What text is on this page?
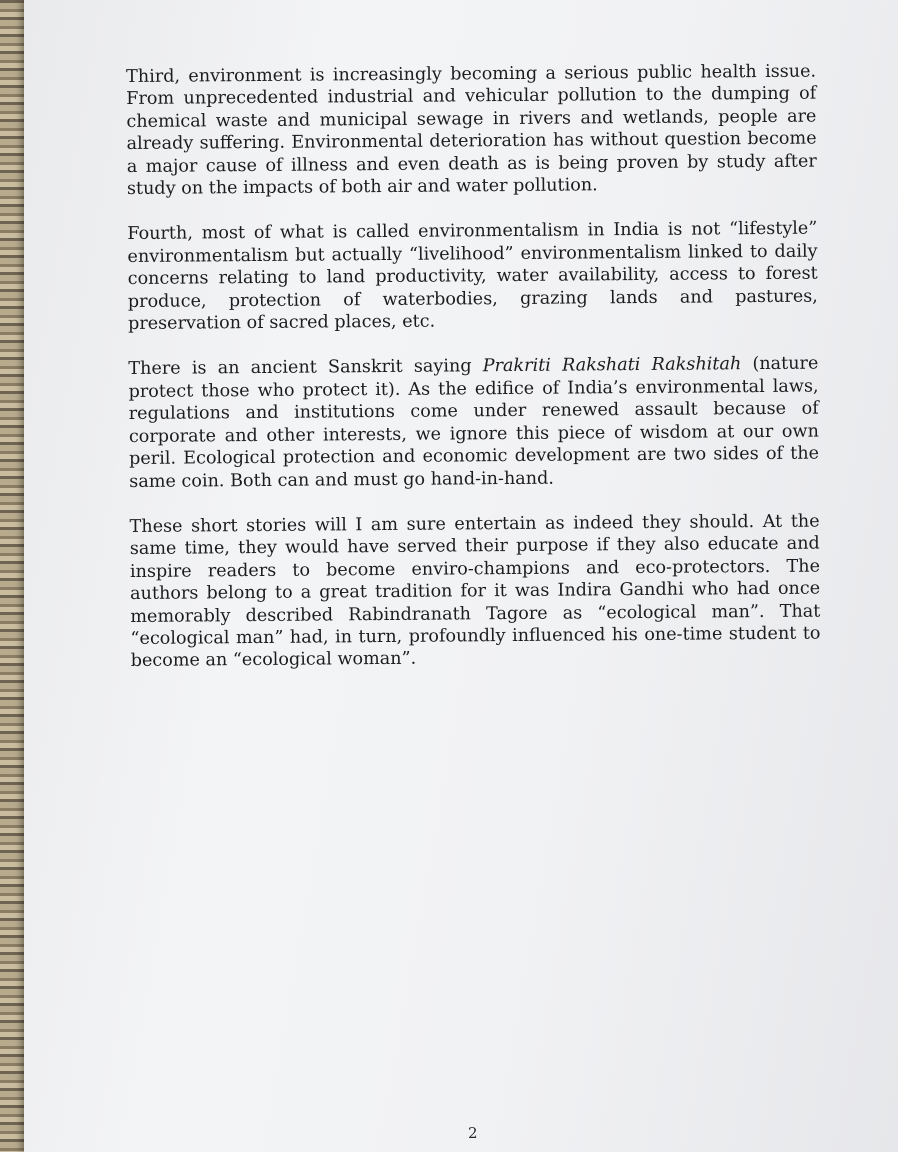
Third, environment is increasingly becoming a serious public health issue. From unprecedented industrial and vehicular pollution to the dumping of chemical waste and municipal sewage in rivers and wetlands, people are already suffering. Environmental deterioration has without question become a major cause of illness and even death as is being proven by study after study on the impacts of both air and water pollution.

Fourth, most of what is called environmentalism in India is not “lifestyle” environmentalism but actually “livelihood” environmentalism linked to daily concerns relating to land productivity, water availability, access to forest produce, protection of waterbodies, grazing lands and pastures, preservation of sacred places, etc.

There is an ancient Sanskrit saying Prakriti Rakshati Rakshitah (nature protect those who protect it). As the edifice of India’s environmental laws, regulations and institutions come under renewed assault because of corporate and other interests, we ignore this piece of wisdom at our own peril. Ecological protection and economic development are two sides of the same coin. Both can and must go hand-in-hand.

These short stories will I am sure entertain as indeed they should. At the same time, they would have served their purpose if they also educate and inspire readers to become enviro-champions and eco-protectors. The authors belong to a great tradition for it was Indira Gandhi who had once memorably described Rabindranath Tagore as “ecological man”. That “ecological man” had, in turn, profoundly influenced his one-time student to become an “ecological woman”.

2
